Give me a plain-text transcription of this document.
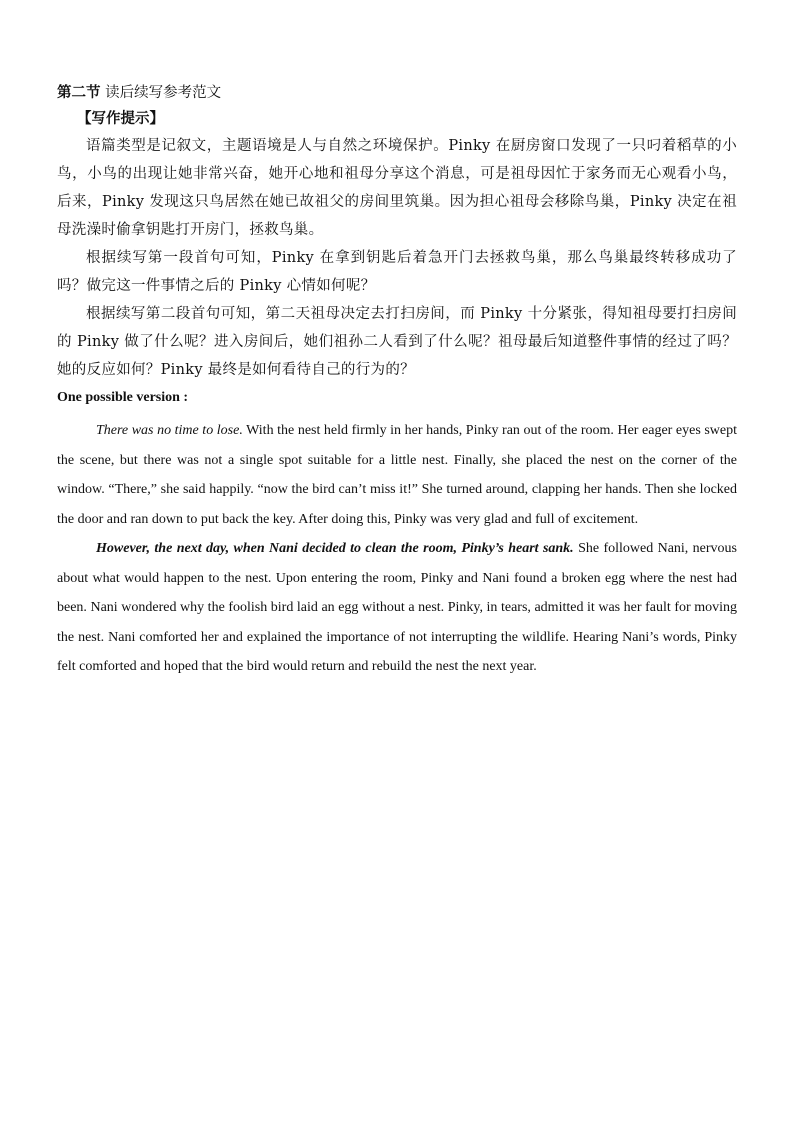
第二节 读后续写参考范文

【写作提示】

语篇类型是记叙文，主题语境是人与自然之环境保护。Pinky 在厨房窗口发现了一只叼着稻草的小鸟，小鸟的出现让她非常兴奋，她开心地和祖母分享这个消息，可是祖母因忙于家务而无心观看小鸟，后来，Pinky 发现这只鸟居然在她已故祖父的房间里筑巢。因为担心祖母会移除鸟巢，Pinky 决定在祖母洗澡时偷拿钥匙打开房门，拯救鸟巢。

根据续写第一段首句可知，Pinky 在拿到钥匙后着急开门去拯救鸟巢，那么鸟巢最终转移成功了吗？做完这一件事情之后的 Pinky 心情如何呢？

根据续写第二段首句可知，第二天祖母决定去打扫房间，而 Pinky 十分紧张，得知祖母要打扫房间的 Pinky 做了什么呢？进入房间后，她们祖孙二人看到了什么呢？祖母最后知道整件事情的经过了吗？她的反应如何？Pinky 最终是如何看待自己的行为的？

One possible version :

There was no time to lose. With the nest held firmly in her hands, Pinky ran out of the room. Her eager eyes swept the scene, but there was not a single spot suitable for a little nest. Finally, she placed the nest on the corner of the window. “There,” she said happily. “now the bird can’t miss it!” She turned around, clapping her hands. Then she locked the door and ran down to put back the key. After doing this, Pinky was very glad and full of excitement.

However, the next day, when Nani decided to clean the room, Pinky’s heart sank. She followed Nani, nervous about what would happen to the nest. Upon entering the room, Pinky and Nani found a broken egg where the nest had been. Nani wondered why the foolish bird laid an egg without a nest. Pinky, in tears, admitted it was her fault for moving the nest. Nani comforted her and explained the importance of not interrupting the wildlife. Hearing Nani’s words, Pinky felt comforted and hoped that the bird would return and rebuild the nest the next year.
